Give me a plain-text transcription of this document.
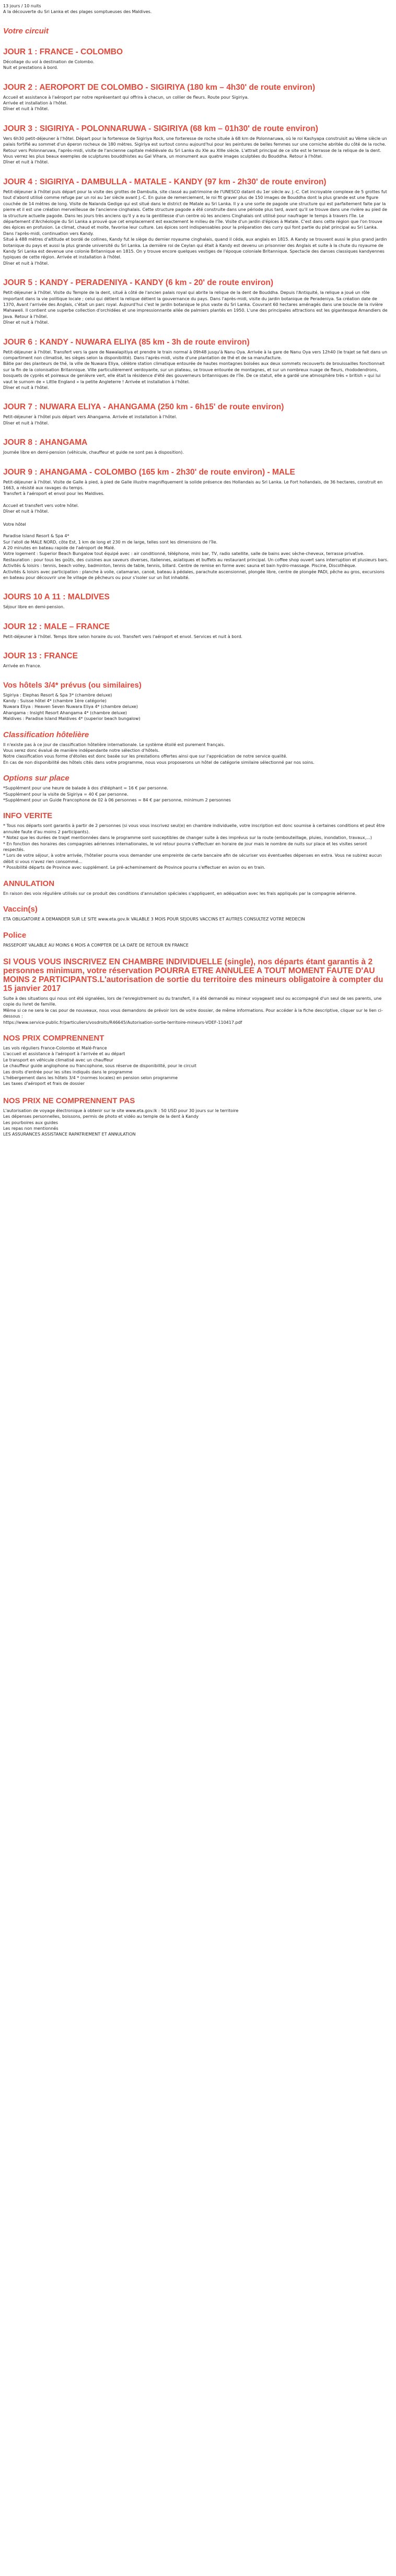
13 jours / 10 nuits

A la découverte du Sri Lanka et des plages somptueuses des Maldives.

Votre circuit
JOUR 1 : FRANCE - COLOMBO

Décollage du vol à destination de Colombo.

Nuit et prestations à bord.

JOUR 2 : AEROPORT DE COLOMBO - SIGIRIYA (180 km – 4h30' de route environ)

Accueil et assistance à l'aéroport par notre représentant qui offrira à chacun, un collier de fleurs. Route pour Sigiriya.

Arrivée et installation à l'hôtel.

Dîner et nuit à l'hôtel.

JOUR 3 : SIGIRIYA - POLONNARUWA - SIGIRIYA (68 km – 01h30' de route environ)

Vers 6h30 petit-déjeuner à l'hôtel. Départ pour la forteresse de Sigiriya Rock, une forteresse de roche située à 68 km de Polonnaruwa, où le roi Kashyapa construisit au Vème siècle un palais fortifié au sommet d'un éperon rocheux de 180 mètres. Sigiriya est surtout connu aujourd'hui pour les peintures de belles femmes sur une corniche abritée du côté de la roche. Retour vers Polonnaruwa, l'après-midi, visite de l'ancienne capitale médiévale du Sri Lanka du Xle au XIIIe siècle. L'attrait principal de ce site est le terrasse de la relique de la dent. Vous verrez les plus beaux exemples de sculptures bouddhistes au Gal Vihara, un monument aux quatre images sculptées du Bouddha. Retour à l'hôtel.

Dîner et nuit à l'hôtel.

JOUR 4 : SIGIRIYA - DAMBULLA - MATALE - KANDY (97 km - 2h30' de route environ)

Petit-déjeuner à l'hôtel puis départ pour la visite des grottes de Dambulla, site classé au patrimoine de l'UNESCO datant du 1er siècle av. J.-C. Cet incroyable complexe de 5 grottes fut tout d'abord utilisé comme refuge par un roi au 1er siècle avant J.-C. En guise de remerciement, le roi fit graver plus de 150 images de Bouddha dont la plus grande est une figure couchée de 14 mètres de long. Visite de Nalanda Gedige qui est situé dans le district de Matale au Sri Lanka. Il y a une sorte de pagode une structure qui est parfaitement faite par la pierre et il est une création merveilleuse de l'ancienne cinghalais. Cette structure pagode a été construite dans une période plus tard, avant qu'il se trouve dans une rivière au pied de la structure actuelle pagode. Dans les jours très anciens qu'il y a eu la gentillesse d'un centre où les anciens Cinghalais ont utilisé pour naufrager le temps à travers l'île. Le département d'Archéologie du Sri Lanka a prouvé que cet emplacement est exactement le milieu de l'île. Visite d'un jardin d'épices à Matale. C'est dans cette région que l'on trouve des épices en profusion. Le climat, chaud et moite, favorise leur culture. Les épices sont indispensables pour la préparation des curry qui font partie du plat principal au Sri Lanka. Dans l'après-midi, continuation vers Kandy.

Situé à 488 mètres d'altitude et bordé de collines, Kandy fut le siège du dernier royaume cinghalais, quand il céda, aux anglais en 1815. A Kandy se trouvent aussi le plus grand jardin botanique du pays et aussi la plus grande université du Sri Lanka. La dernière roi de Ceylan qui était à Kandy est devenu un prisonnier des Anglais et suite à la chute du royaume de Kandy Sri Lanka est devenue une colonie Britannique en 1815. On y trouve encore quelques vestiges de l'époque coloniale Britannique. Spectacle des danses classiques kandyennes typiques de cette région. Arrivée et installation à l'hôtel.

Dîner et nuit à l'hôtel.

JOUR 5 : KANDY - PERADENIYA - KANDY (6 km - 20' de route environ)

Petit-déjeuner à l'hôtel. Visite du Temple de la dent, situé à côté de l'ancien palais royal qui abrite la relique de la dent de Bouddha. Depuis l'Antiquité, la relique a joué un rôle important dans la vie politique locale ; celui qui détient la relique détient la gouvernance du pays. Dans l'après-midi, visite du jardin botanique de Peradeniya. Sa création date de 1370, Avant l'arrivée des Anglais, c'était un parc royal. Aujourd'hui c'est le jardin botanique le plus vaste du Sri Lanka. Couvrant 60 hectares aménagés dans une boucle de la rivière Mahaweli. Il contient une superbe collection d'orchidées et une impressionnante allée de palmiers plantés en 1950. L'une des principales attractions est les gigantesque Amandiers de Java. Retour à l'hôtel.

Dîner et nuit à l'hôtel.

JOUR 6 : KANDY - NUWARA ELIYA (85 km - 3h de route environ)

Petit-déjeuner à l'hôtel. Transfert vers la gare de Nawalapitiya et prendre le train normal à 09h48 jusqu'à Nanu Oya. Arrivée à la gare de Nanu Oya vers 12h40 (le trajet se fait dans un compartiment non climatisé, les sièges selon la disponibilité). Dans l'après-midi, visite d'une plantation de thé et de sa manufacture.

Bâtie par des planteurs de thé, la ville de Nuwara Eliya, célèbre station climatique entourée de hautes montagnes boisées aux deux sommets recouverts de brouissailles fonctionnait sur la fin de la colonisation Britannique. Ville particulièrement verdoyante, sur un plateau, se trouve entourée de montagnes, et sur un nombreux nuage de fleurs, rhododendrons, bosquets de cyprès et poireaux de genièvre vert, elle était la résidence d'été des gouverneurs britanniques de l'île. De ce statut, elle a gardé une atmosphère très « british » qui lui vaut le surnom de « Little England » la petite Angleterre ! Arrivée et installation à l'hôtel.

Dîner et nuit à l'hôtel.

JOUR 7 : NUWARA ELIYA - AHANGAMA (250 km - 6h15' de route environ)

Petit-déjeuner à l'hôtel puis départ vers Ahangama. Arrivée et installation à l'hôtel.

Dîner et nuit à l'hôtel.

JOUR 8 : AHANGAMA

Journée libre en demi-pension (véhicule, chauffeur et guide ne sont pas à disposition).

JOUR 9 : AHANGAMA - COLOMBO (165 km - 2h30' de route environ) - MALE

Petit-déjeuner à l'hôtel. Visite de Galle à pied, à pied de Galle illustre magnifiquement la solide présence des Hollandais au Sri Lanka. Le Fort hollandais, de 36 hectares, construit en 1663, a résisté aux ravages du temps.

Transfert à l'aéroport et envol pour les Maldives.

Accueil et transfert vers votre hôtel.

Dîner et nuit à l'hôtel.

Votre hôtel

Paradise Island Resort & Spa 4*

Sur l'atoll de MALE NORD, côte Est, 1 km de long et 230 m de large, telles sont les dimensions de l'île.

A 20 minutes en bateau rapide de l'aéroport de Malé.

Votre logement : Superior Beach Bungalow tout équipé avec : air conditionné, téléphone, mini bar, TV, radio satellite, salle de bains avec sèche-cheveux, terrasse privative.

Restauration : pour tous les goûts, des cuisines aux saveurs diverses, italiennes, asiatiques et buffets au restaurant principal. Un coffee shop ouvert sans interruption et plusieurs bars.

Activités & loisirs : tennis, beach volley, badminton, tennis de table, tennis, billard. Centre de remise en forme avec sauna et bain hydro-massage. Piscine, Discothèque.

Activités & loisirs avec participation : planche à voile, catamaran, canoë, bateau à pédales, parachute ascensionnel, plongée libre, centre de plongée PADI, pêche au gros, excursions en bateau pour découvrir une île village de pêcheurs ou pour s'isoler sur un îlot inhabité.

JOURS 10 A 11 : MALDIVES

Séjour libre en demi-pension.

JOUR 12 : MALE – FRANCE

Petit-déjeuner à l'hôtel. Temps libre selon horaire du vol. Transfert vers l'aéroport et envol. Services et nuit à bord.

JOUR 13 : FRANCE

Arrivée en France.

Vos hôtels 3/4* prévus (ou similaires)
Sigiriya : Elephas Resort & Spa 3* (chambre deluxe)
Kandy : Suisse hôtel 4* (chambre 1ère catégorie)
Nuwara Eliya : Heaven Seven Nuwara Eliya 4* (chambre deluxe)
Ahangama : Insight Resort Ahangama 4* (chambre deluxe)
Maldives : Paradise Island Maldives 4* (superior beach bungalow)
Classification hôtelière

Il n'existe pas à ce jour de classification hôtelière internationale. Le système étoilé est purement français.

Vous serez donc évalué de manière indépendante notre sélection d'hôtels.

Notre classification vous forme d'étoiles est donc basée sur les prestations offertes ainsi que sur l'appréciation de notre service qualité.

En cas de non disponibilité des hôtels cités dans votre programme, nous vous proposerons un hôtel de catégorie similaire sélectionné par nos soins.

Options sur place

*Supplément pour une heure de balade à dos d'éléphant = 16 € par personne.

*Supplément pour la visite de Sigiriya = 40 € par personne.

*Supplément pour un Guide Francophone de 02 à 06 personnes = 84 € par personne, minimum 2 personnes

INFO VERITE

* Tous nos départs sont garantis à partir de 2 personnes (si vous vous inscrivez seul(e) en chambre individuelle, votre inscription est donc soumise à certaines conditions et peut être annulée faute d'au moins 2 participants).

* Notez que les durées de trajet mentionnées dans le programme sont susceptibles de changer suite à des imprévus sur la route (embouteillage, pluies, inondation, travaux,...)

* En fonction des horaires des compagnies aériennes internationales, le vol retour pourra s'effectuer en horaire de jour mais le nombre de nuits sur place et les visites seront respectés.

* Lors de votre séjour, à votre arrivée, l'hôtelier pourra vous demander une empreinte de carte bancaire afin de sécuriser vos éventuelles dépenses en extra. Vous ne subirez aucun débit si vous n'avez rien consommé...

* Possibilité départs de Province avec supplément. Le pré-acheminement de Province pourra s'effectuer en avion ou en train.

ANNULATION

En raison des voix régulière utilisés sur ce produit des conditions d'annulation spéciales s'appliquent, en adéquation avec les frais appliqués par la compagnie aérienne.

Vaccin(s)

ETA OBLIGATOIRE A DEMANDER SUR LE SITE www.eta.gov.lk VALABLE 3 MOIS POUR SEJOURS VACCINS ET AUTRES CONSULTEZ VOTRE MEDECIN

Police

PASSEPORT VALABLE AU MOINS 6 MOIS A COMPTER DE LA DATE DE RETOUR EN FRANCE

SI VOUS VOUS INSCRIVEZ EN CHAMBRE INDIVIDUELLE (single), nos départs étant garantis à 2 personnes minimum, votre réservation POURRA ETRE ANNULEE A TOUT MOMENT FAUTE D'AU MOINS 2 PARTICIPANTS.L'autorisation de sortie du territoire des mineurs obligatoire à compter du 15 janvier 2017

Suite à des situations qui nous ont été signalées, lors de l'enregistrement ou du transfert, il a été demandé au mineur voyageant seul ou accompagné d'un seul de ses parents, une copie du livret de famille.

Même si ce ne sera le cas pour de nouveaux, nous vous demandons de prévoir lors de votre dossier, de même informations. Pour accéder à la fiche descriptive, cliquer sur le lien ci-dessous :

https://www.service-public.fr/particuliers/vosdroits/R46645/Autorisation-sortie-territoire-mineurs-VDEF-110417.pdf

NOS PRIX COMPRENNENT
Les vols réguliers France-Colombo et Malé-France
L'accueil et assistance à l'aéroport à l'arrivée et au départ
Le transport en véhicule climatisé avec un chauffeur
Le chauffeur guide anglophone ou francophone, sous réserve de disponibilité, pour le circuit
Les droits d'entrée pour les sites indiqués dans le programme
L'hébergement dans les hôtels 3/4 * (normes locales) en pension selon programme
Les taxes d'aéroport et frais de dossier
NOS PRIX NE COMPRENNENT PAS
L'autorisation de voyage électronique à obtenir sur le site www.eta.gov.lk : 50 USD pour 30 jours sur le territoire
Les dépenses personnelles, boissons, permis de photo et vidéo au temple de la dent à Kandy
Les pourboires aux guides
Les repas non mentionnés
LES ASSURANCES ASSISTANCE RAPATRIEMENT ET ANNULATION
